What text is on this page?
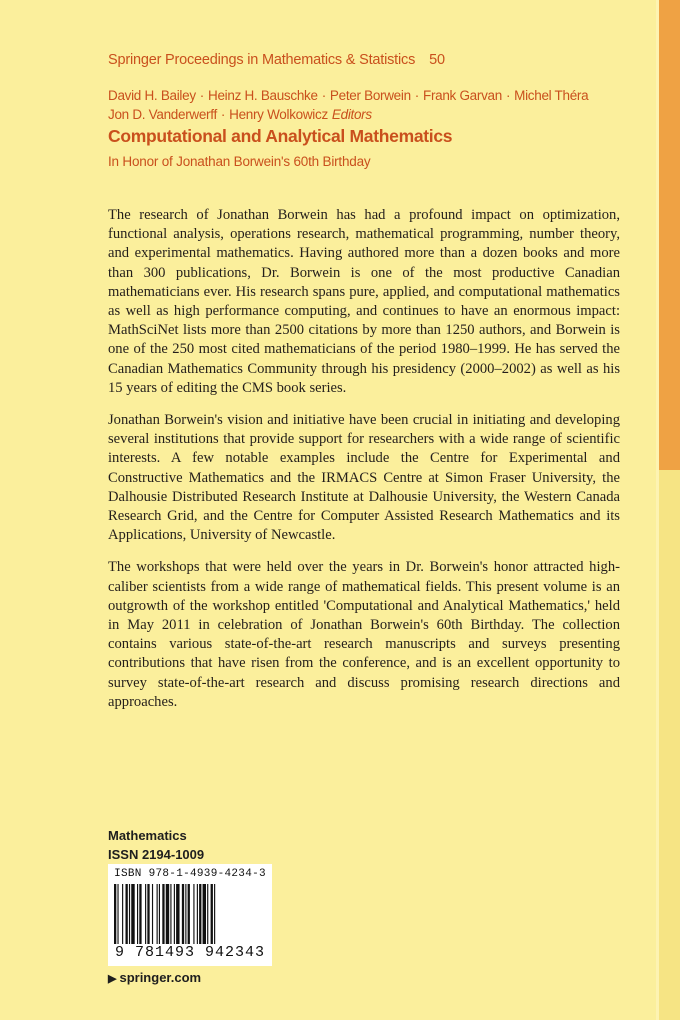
Springer Proceedings in Mathematics & Statistics 50
David H. Bailey · Heinz H. Bauschke · Peter Borwein · Frank Garvan · Michel Théra
Jon D. Vanderwerff · Henry Wolkowicz Editors
Computational and Analytical Mathematics
In Honor of Jonathan Borwein's 60th Birthday

The research of Jonathan Borwein has had a profound impact on optimization, functional analysis, operations research, mathematical programming, number theory, and experimental mathematics. Having authored more than a dozen books and more than 300 publications, Dr. Borwein is one of the most productive Canadian mathematicians ever. His research spans pure, applied, and computational mathematics as well as high performance computing, and continues to have an enormous impact: MathSciNet lists more than 2500 citations by more than 1250 authors, and Borwein is one of the 250 most cited mathematicians of the period 1980–1999. He has served the Canadian Mathematics Community through his presidency (2000–2002) as well as his 15 years of editing the CMS book series.

Jonathan Borwein's vision and initiative have been crucial in initiating and developing several institutions that provide support for researchers with a wide range of scientific interests. A few notable examples include the Centre for Experimental and Constructive Mathematics and the IRMACS Centre at Simon Fraser University, the Dalhousie Distributed Research Institute at Dalhousie University, the Western Canada Research Grid, and the Centre for Computer Assisted Research Mathematics and its Applications, University of Newcastle.

The workshops that were held over the years in Dr. Borwein's honor attracted high-caliber scientists from a wide range of mathematical fields. This present volume is an outgrowth of the workshop entitled 'Computational and Analytical Mathematics,' held in May 2011 in celebration of Jonathan Borwein's 60th Birthday. The collection contains various state-of-the-art research manuscripts and surveys presenting contributions that have risen from the conference, and is an excellent opportunity to survey state-of-the-art research and discuss promising research directions and approaches.

Mathematics
ISSN 2194-1009
ISBN 978-1-4939-4234-3
9 781493 942343
▶ springer.com
